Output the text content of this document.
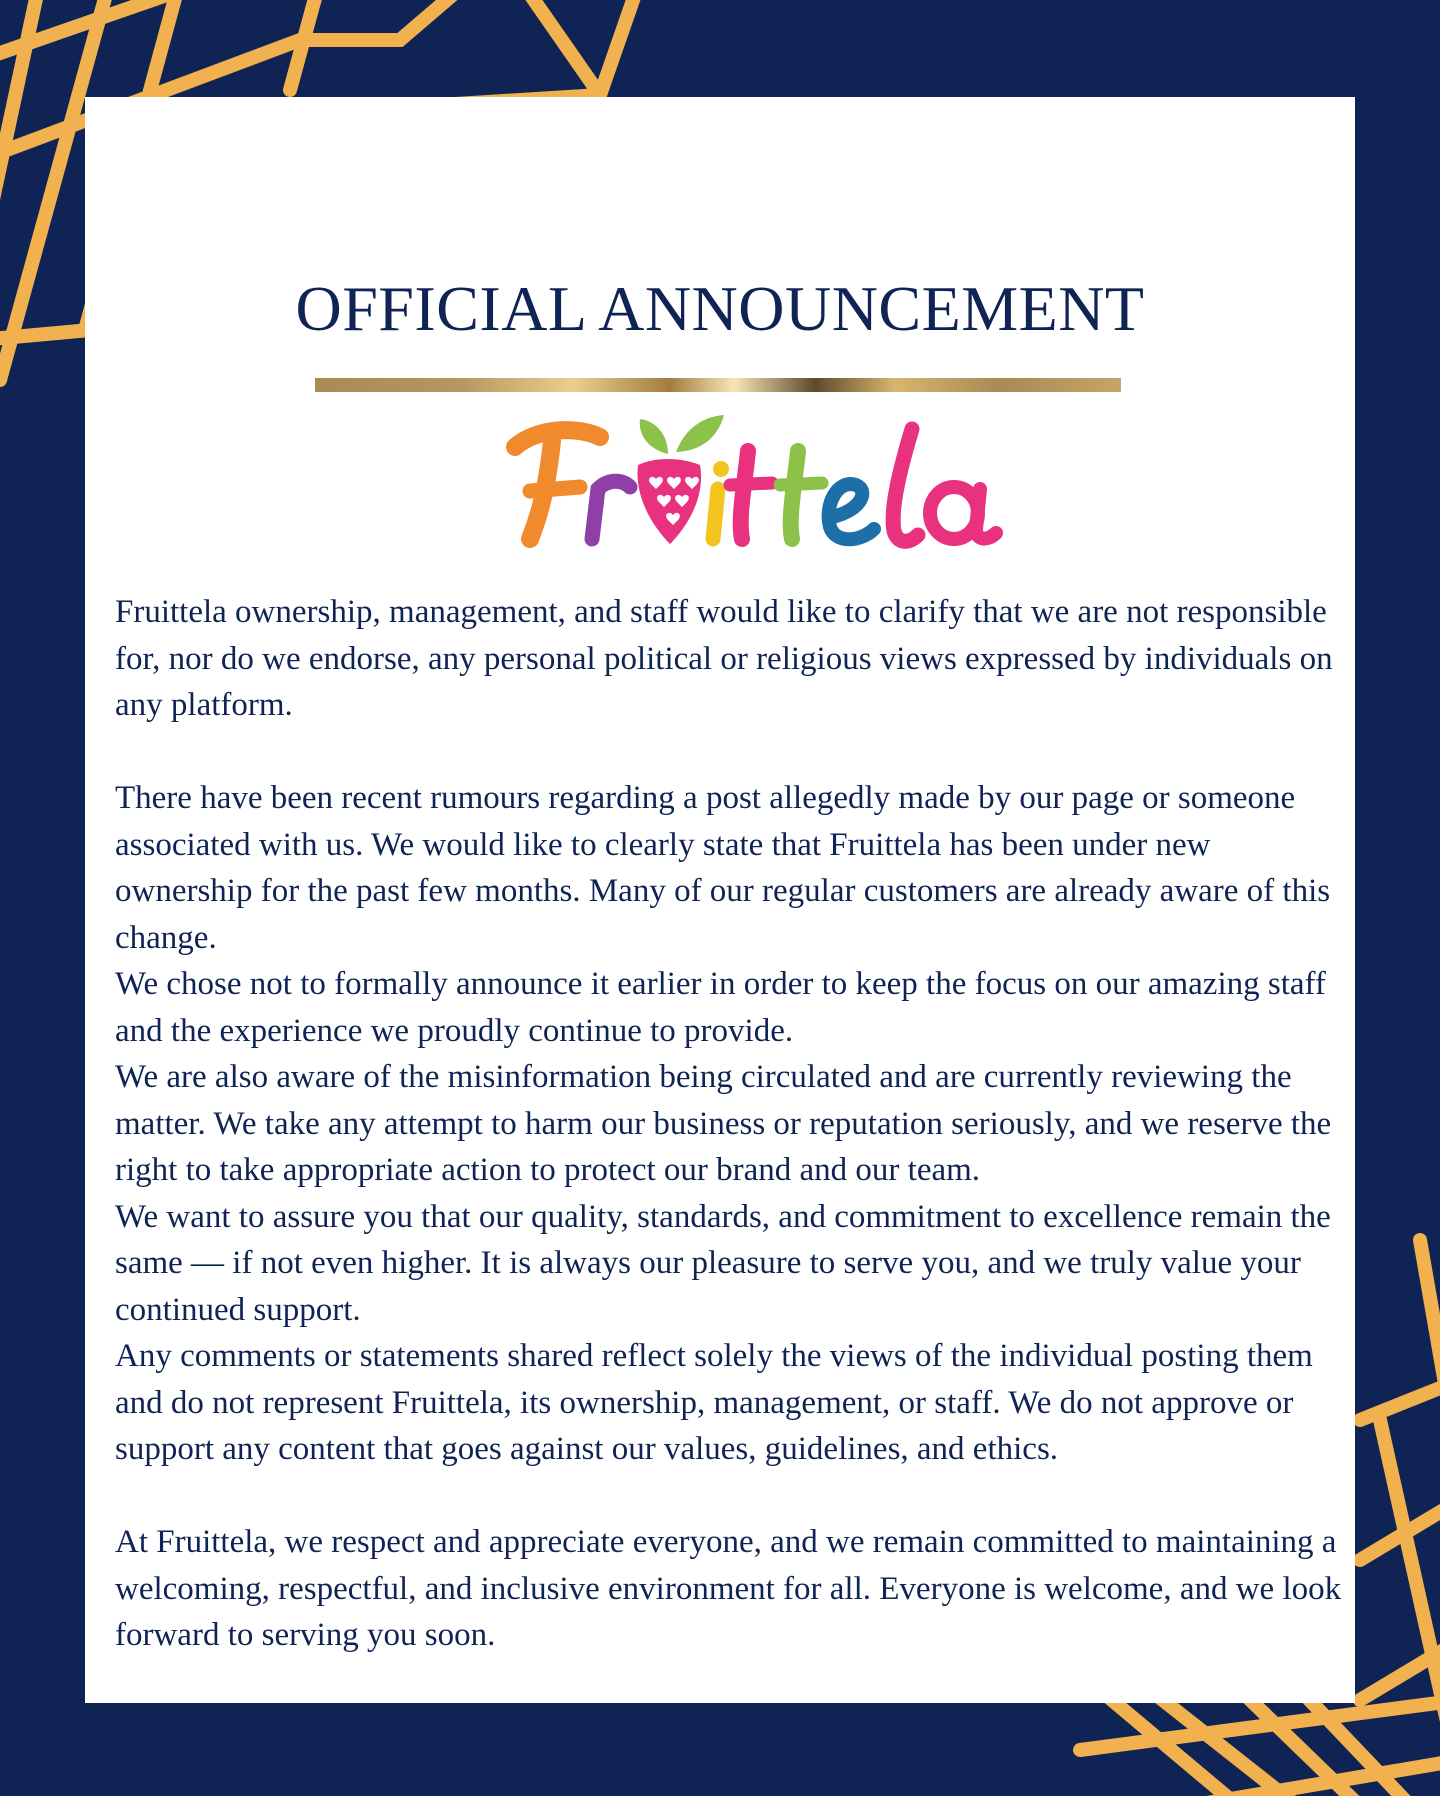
OFFICIAL ANNOUNCEMENT

Fruittela ownership, management, and staff would like to clarify that we are not responsible for, nor do we endorse, any personal political or religious views expressed by individuals on any platform.

There have been recent rumours regarding a post allegedly made by our page or someone associated with us. We would like to clearly state that Fruittela has been under new ownership for the past few months. Many of our regular customers are already aware of this change.

We chose not to formally announce it earlier in order to keep the focus on our amazing staff and the experience we proudly continue to provide.

We are also aware of the misinformation being circulated and are currently reviewing the matter. We take any attempt to harm our business or reputation seriously, and we reserve the right to take appropriate action to protect our brand and our team.

We want to assure you that our quality, standards, and commitment to excellence remain the same — if not even higher. It is always our pleasure to serve you, and we truly value your continued support.

Any comments or statements shared reflect solely the views of the individual posting them and do not represent Fruittela, its ownership, management, or staff. We do not approve or support any content that goes against our values, guidelines, and ethics.

At Fruittela, we respect and appreciate everyone, and we remain committed to maintaining a welcoming, respectful, and inclusive environment for all. Everyone is welcome, and we look forward to serving you soon.
